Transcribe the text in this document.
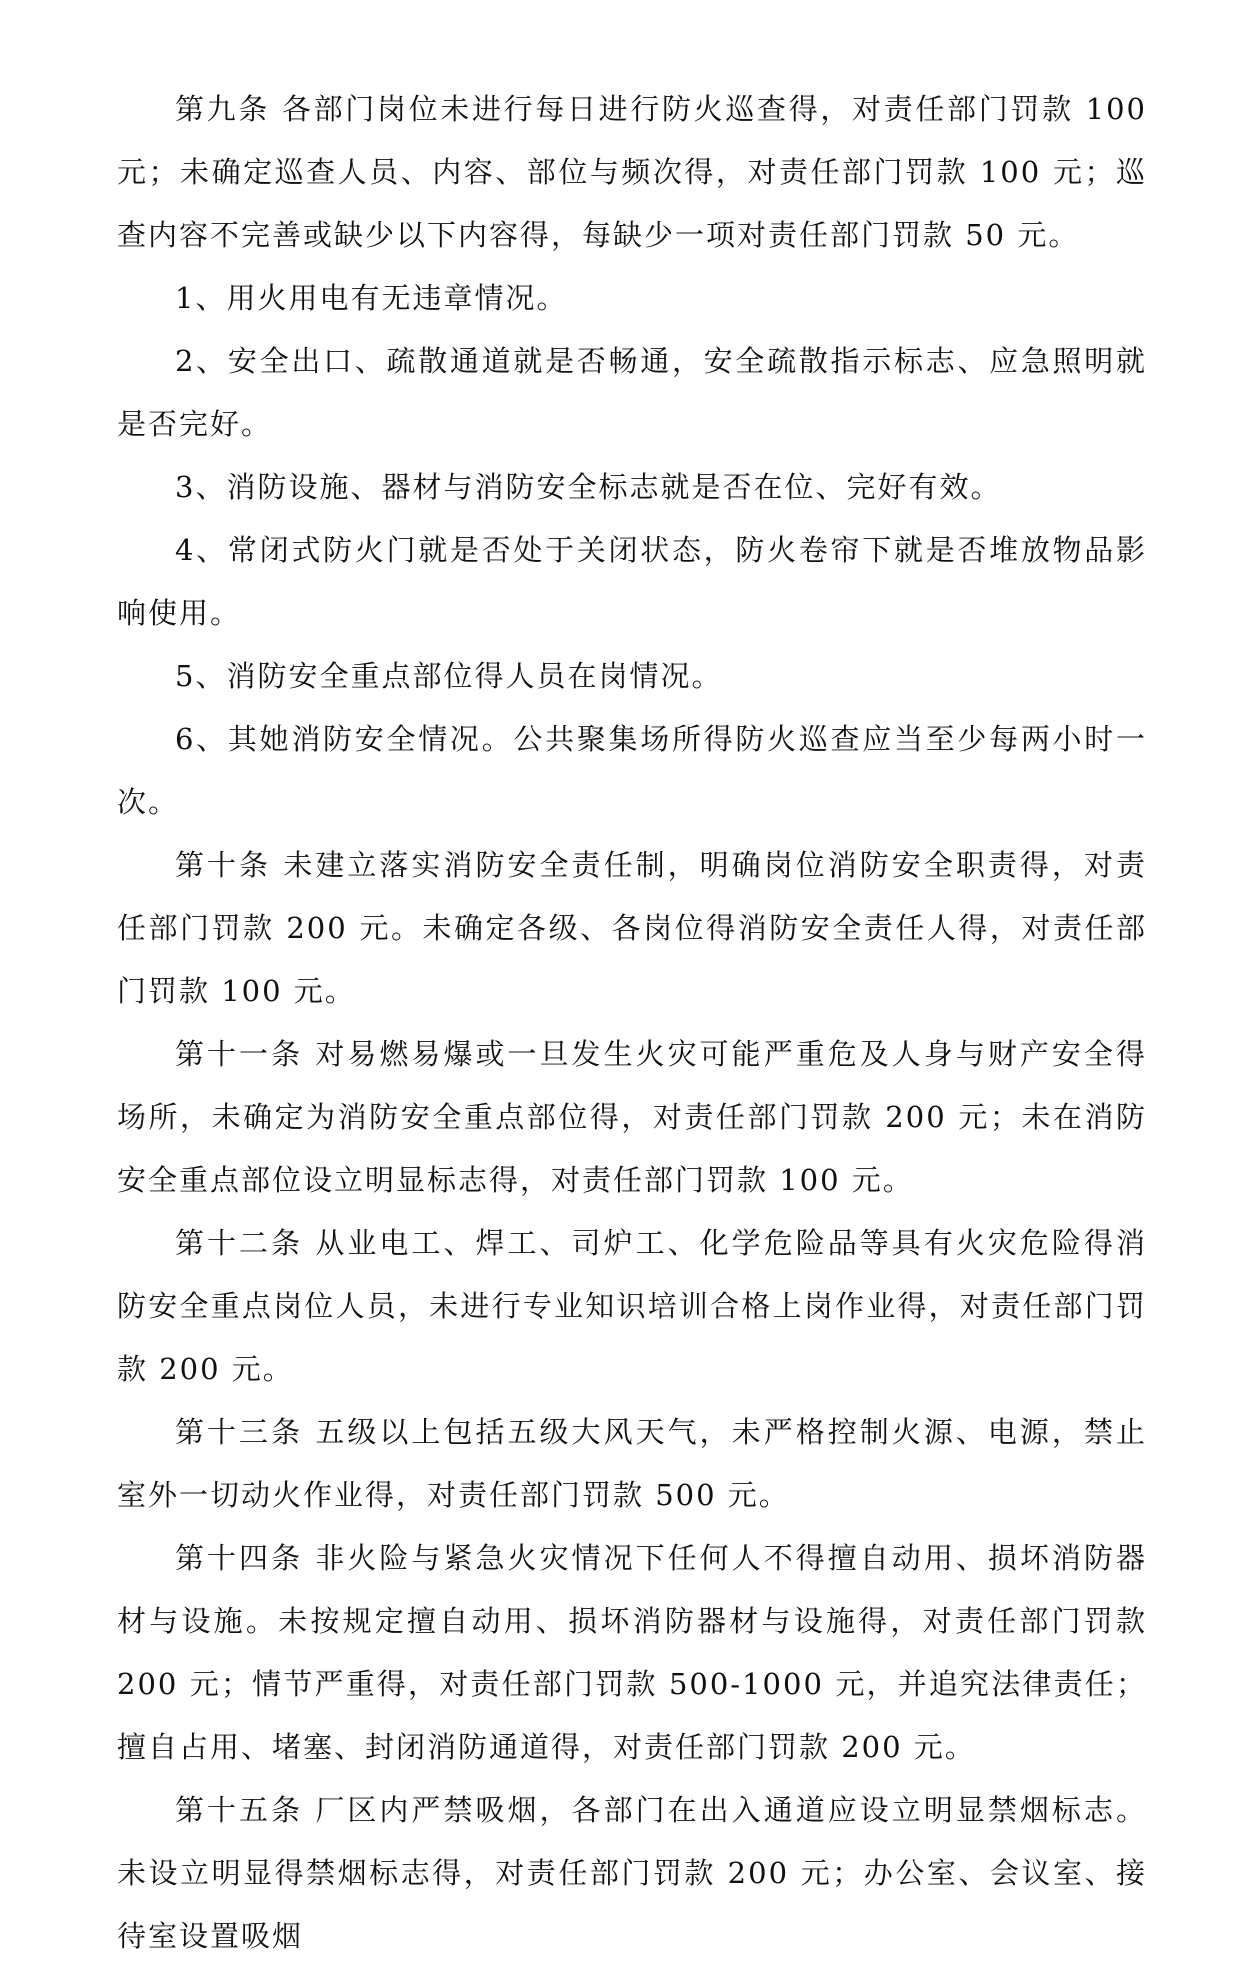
第九条 各部门岗位未进行每日进行防火巡查得，对责任部门罚款 100 元；未确定巡查人员、内容、部位与频次得，对责任部门罚款 100 元；巡查内容不完善或缺少以下内容得，每缺少一项对责任部门罚款 50 元。

1、用火用电有无违章情况。

2、安全出口、疏散通道就是否畅通，安全疏散指示标志、应急照明就是否完好。

3、消防设施、器材与消防安全标志就是否在位、完好有效。

4、常闭式防火门就是否处于关闭状态，防火卷帘下就是否堆放物品影响使用。

5、消防安全重点部位得人员在岗情况。

6、其她消防安全情况。公共聚集场所得防火巡查应当至少每两小时一次。

第十条 未建立落实消防安全责任制，明确岗位消防安全职责得，对责任部门罚款 200 元。未确定各级、各岗位得消防安全责任人得，对责任部门罚款 100 元。

第十一条 对易燃易爆或一旦发生火灾可能严重危及人身与财产安全得场所，未确定为消防安全重点部位得，对责任部门罚款 200 元；未在消防安全重点部位设立明显标志得，对责任部门罚款 100 元。

第十二条 从业电工、焊工、司炉工、化学危险品等具有火灾危险得消防安全重点岗位人员，未进行专业知识培训合格上岗作业得，对责任部门罚款 200 元。

第十三条 五级以上包括五级大风天气，未严格控制火源、电源，禁止室外一切动火作业得，对责任部门罚款 500 元。

第十四条 非火险与紧急火灾情况下任何人不得擅自动用、损坏消防器材与设施。未按规定擅自动用、损坏消防器材与设施得，对责任部门罚款 200 元；情节严重得，对责任部门罚款 500-1000 元，并追究法律责任；擅自占用、堵塞、封闭消防通道得，对责任部门罚款 200 元。

第十五条 厂区内严禁吸烟，各部门在出入通道应设立明显禁烟标志。未设立明显得禁烟标志得，对责任部门罚款 200 元；办公室、会议室、接待室设置吸烟
